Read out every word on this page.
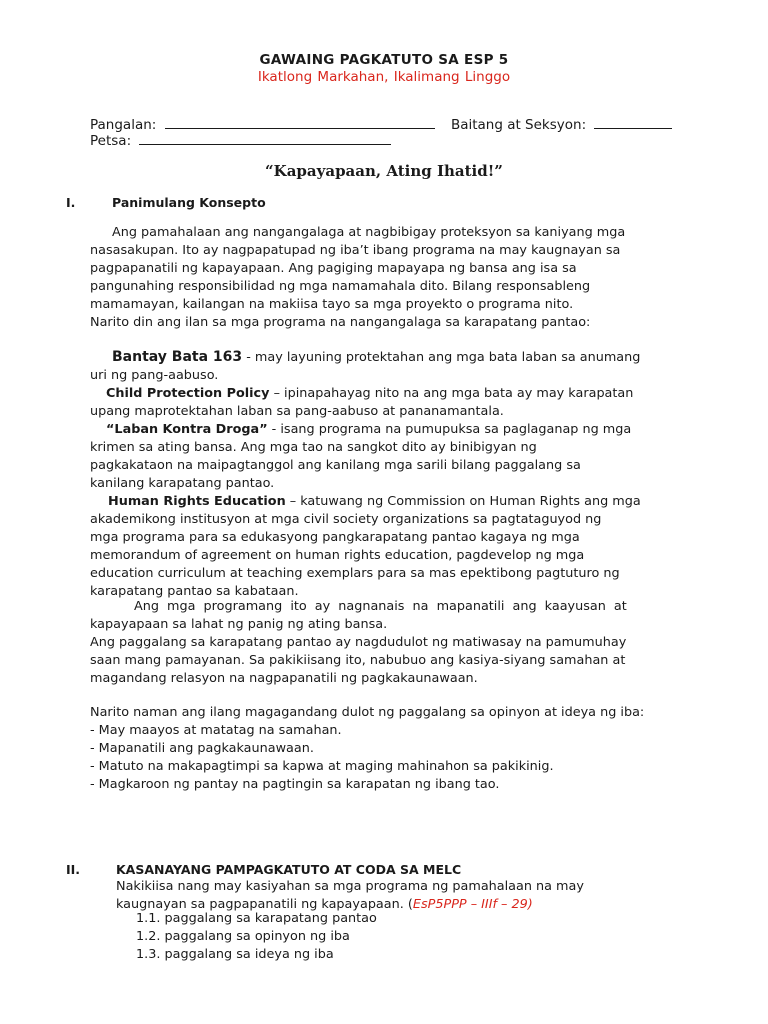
GAWAING PAGKATUTO SA ESP 5
Ikatlong Markahan, Ikalimang Linggo
Pangalan:	Baitang at Seksyon:
Petsa:
“Kapayapaan, Ating Ihatid!”
I.	Panimulang Konsepto
Ang pamahalaan ang nangangalaga at nagbibigay proteksyon sa kaniyang mga
nasasakupan. Ito ay nagpapatupad ng iba’t ibang programa na may kaugnayan sa
pagpapanatili ng kapayapaan. Ang pagiging mapayapa ng bansa ang isa sa
pangunahing responsibilidad ng mga namamahala dito. Bilang responsableng
mamamayan, kailangan na makiisa tayo sa mga proyekto o programa nito.
Narito din ang ilan sa mga programa na nangangalaga sa karapatang pantao:
Bantay Bata 163 - may layuning protektahan ang mga bata laban sa anumang
uri ng pang-aabuso.
Child Protection Policy – ipinapahayag nito na ang mga bata ay may karapatan
upang maprotektahan laban sa pang-aabuso at pananamantala.
“Laban Kontra Droga” - isang programa na pumupuksa sa paglaganap ng mga
krimen sa ating bansa. Ang mga tao na sangkot dito ay binibigyan ng
pagkakataon na maipagtanggol ang kanilang mga sarili bilang paggalang sa
kanilang karapatang pantao.
Human Rights Education – katuwang ng Commission on Human Rights ang mga
akademikong institusyon at mga civil society organizations sa pagtataguyod ng
mga programa para sa edukasyong pangkarapatang pantao kagaya ng mga
memorandum of agreement on human rights education, pagdevelop ng mga
education curriculum at teaching exemplars para sa mas epektibong pagtuturo ng
karapatang pantao sa kabataan.
Ang mga programang ito ay nagnanais na mapanatili ang kaayusan at
kapayapaan sa lahat ng panig ng ating bansa.
Ang paggalang sa karapatang pantao ay nagdudulot ng matiwasay na pamumuhay
saan mang pamayanan. Sa pakikiisang ito, nabubuo ang kasiya-siyang samahan at
magandang relasyon na nagpapanatili ng pagkakaunawaan.
Narito naman ang ilang magagandang dulot ng paggalang sa opinyon at ideya ng iba:
- May maayos at matatag na samahan.
- Mapanatili ang pagkakaunawaan.
- Matuto na makapagtimpi sa kapwa at maging mahinahon sa pakikinig.
- Magkaroon ng pantay na pagtingin sa karapatan ng ibang tao.
II.	KASANAYANG PAMPAGKATUTO AT CODA SA MELC
Nakikiisa nang may kasiyahan sa mga programa ng pamahalaan na may
kaugnayan sa pagpapanatili ng kapayapaan. (EsP5PPP – IIIf – 29)
1.1. paggalang sa karapatang pantao
1.2. paggalang sa opinyon ng iba
1.3. paggalang sa ideya ng iba
